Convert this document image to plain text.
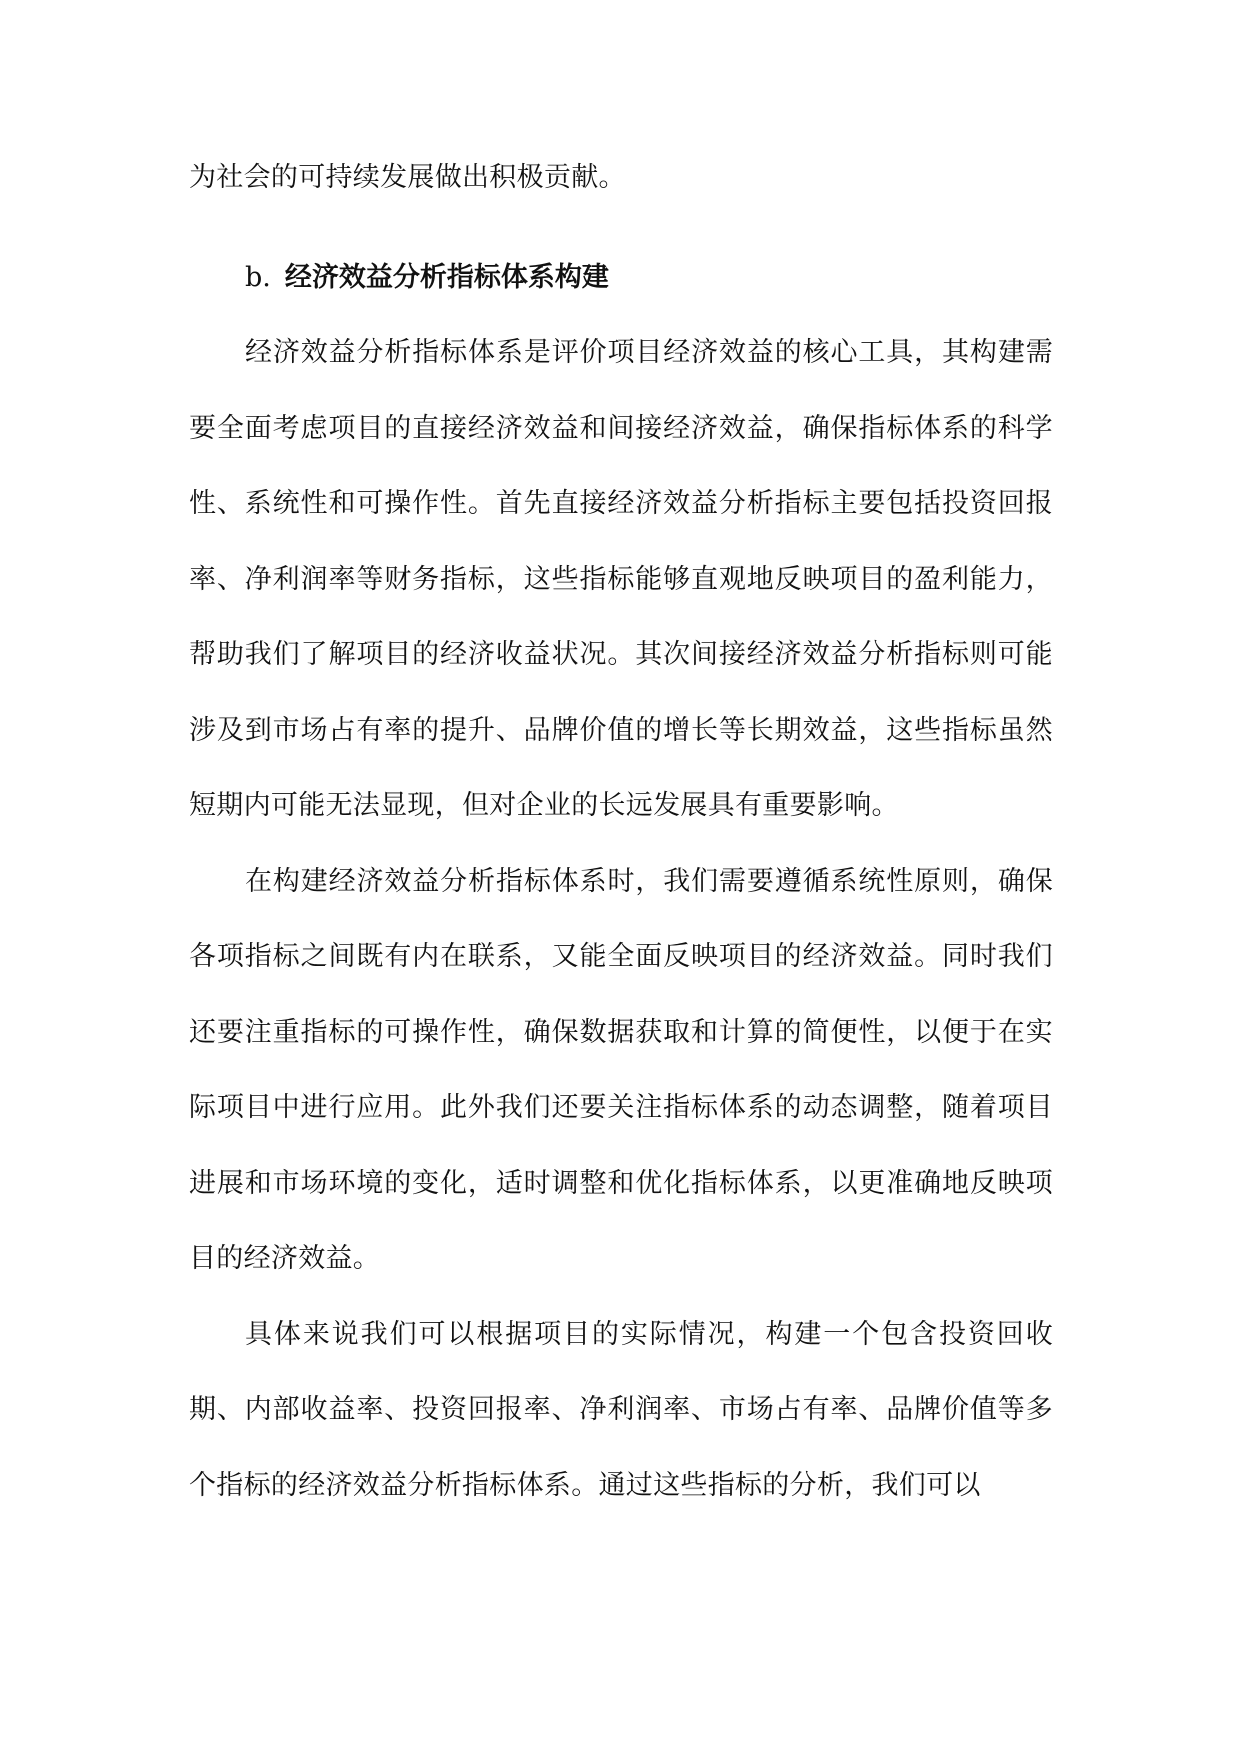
为社会的可持续发展做出积极贡献。

b. 经济效益分析指标体系构建

经济效益分析指标体系是评价项目经济效益的核心工具，其构建需要全面考虑项目的直接经济效益和间接经济效益，确保指标体系的科学性、系统性和可操作性。首先直接经济效益分析指标主要包括投资回报率、净利润率等财务指标，这些指标能够直观地反映项目的盈利能力，帮助我们了解项目的经济收益状况。其次间接经济效益分析指标则可能涉及到市场占有率的提升、品牌价值的增长等长期效益，这些指标虽然短期内可能无法显现，但对企业的长远发展具有重要影响。

在构建经济效益分析指标体系时，我们需要遵循系统性原则，确保各项指标之间既有内在联系，又能全面反映项目的经济效益。同时我们还要注重指标的可操作性，确保数据获取和计算的简便性，以便于在实际项目中进行应用。此外我们还要关注指标体系的动态调整，随着项目进展和市场环境的变化，适时调整和优化指标体系，以更准确地反映项目的经济效益。

具体来说我们可以根据项目的实际情况，构建一个包含投资回收期、内部收益率、投资回报率、净利润率、市场占有率、品牌价值等多个指标的经济效益分析指标体系。通过这些指标的分析，我们可以
